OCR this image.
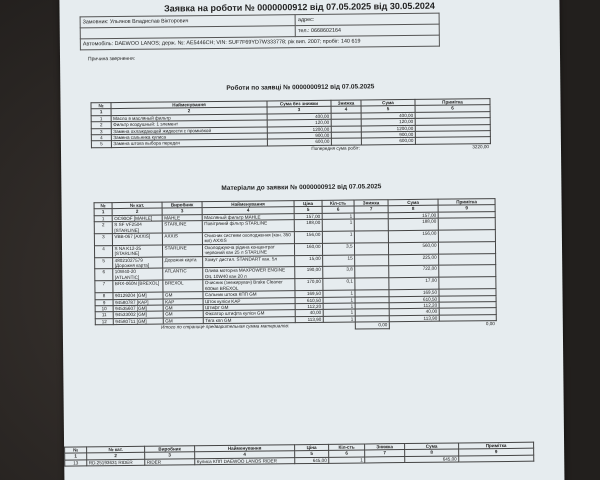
Заявка на роботи № 0000000912 від 07.05.2025 від 30.05.2024
Замовник: Ульянов Владислав Вікторович	адрес:
	тел.: 0668602164
Автомобіль: DAEWOO LANOS; держ. №: AE5446CH; VIN: SUF7F69YD7W333778; рік вип. 2007; пробіг: 140 619	
Причина звернення:
Роботи по заявці № 0000000912 від 07.05.2025
№	Найменування	Сума без знижки	Знижка	Сума	Примітка
1	2	3	4	5	6
1	Масло в масляный фильтр	400,00		400,00	
2	Фильтр воздушный: 1 элемент	120,00		120,00	
3	Замена охлаждающей жидкости с промывкой	1200,00		1200,00	
4	Замена сальника кулиса	900,00		900,00	
5	Замена штока выбора передач	600,00		600,00	
Попередня сума робіт:				3220,00	
Матеріали до заявки № 0000000912 від 07.05.2025
№	№ кат.	Виробник	Найменування	Ціна	Кіл-сть	Знижка	Сума	Примітка
1	2	3	4	5	6	7	8	9
1	OC90OF [MAHLE]	MAHLE	Масляный фильтр MAHLE	157,00	1		157,00	
2	S SF VF2504 [STARLINE]	STARLINE	Повітряний фільтр STARLINE	188,00	1		188,00	
3	VBB-067 [AXXIS]	AXXIS	Очисник системи охолодження (кан. 350 мл) AXXIS	156,00	1		156,00	
4	S NA K12-25 [STARLINE]	STARLINE	Охолоджуюча рідина концентрат червоний кан 25 л STARLINE	160,00	3,5		560,00	
5	48021027579 [Дорожня карта]	Дорожня карта	Хомут дистил. STANDART кан. 5л	15,00	15		225,00	
6	10W40-20 [ATLANTIC]	ATLANTIC	Олива моторна MAXPOWER ENGINE OIL 10W40 кан 20 л	190,00	3,8		722,00	
7	BRX-060N [BREXOL]	BREXOL	Очисник (знежирувач) Brake Cleaner 600мл BREXOL	170,00	0,1		17,00	
8	90129204 [GM]	GM	Сальник штока КПП GM	169,50	1		169,50	
9	94580787 [KAP]	KAP	Шток куліси KAP	610,50	1		610,50	
10	94535607 [GM]	GM	Штифт GM	112,20	1		112,20	
11	94533002 [GM]	GM	Фіксатор штифта куліси GM	40,00	1		40,00	
12	94580711 [GM]	GM	Тяга кпп GM	113,90	1		113,90	
Итого по странице предварительная сумма материалов:						0,00	0,00	
№	№ кат.	Виробник	Найменування	Ціна	Кіл-сть	Знижка	Сума	Примітка
1	2	3	4	5	6	7	8	9
13	RD.25193631 RIDER	RIDER	Кулиса КПП DAEWOO LANOS RIDER	645,00	1		645,00	
